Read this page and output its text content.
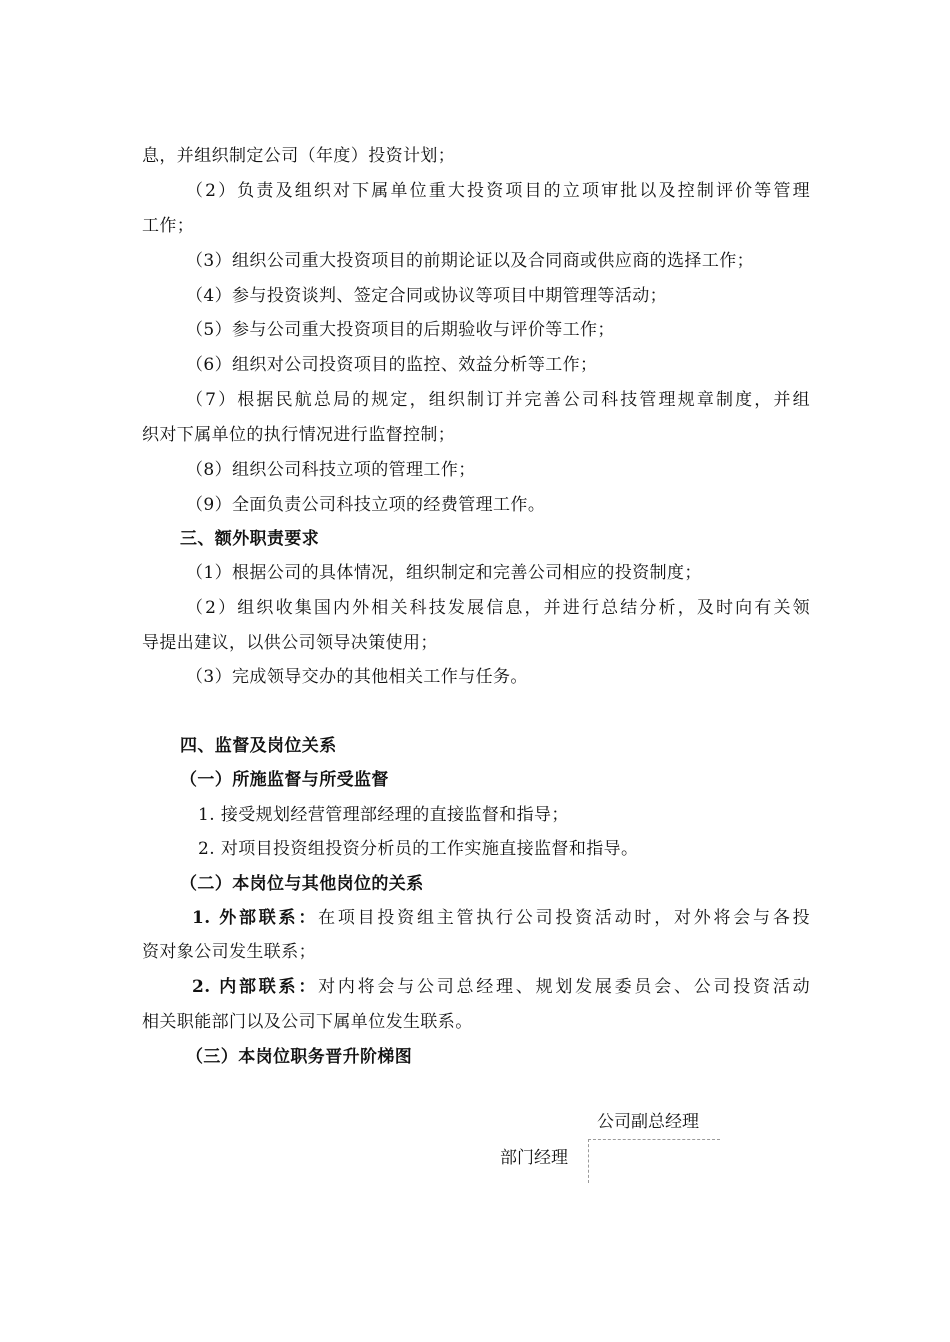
息，并组织制定公司（年度）投资计划；
（2）负责及组织对下属单位重大投资项目的立项审批以及控制评价等管理
工作；
（3）组织公司重大投资项目的前期论证以及合同商或供应商的选择工作；
（4）参与投资谈判、签定合同或协议等项目中期管理等活动；
（5）参与公司重大投资项目的后期验收与评价等工作；
（6）组织对公司投资项目的监控、效益分析等工作；
（7）根据民航总局的规定，组织制订并完善公司科技管理规章制度，并组
织对下属单位的执行情况进行监督控制；
（8）组织公司科技立项的管理工作；
（9）全面负责公司科技立项的经费管理工作。
三、额外职责要求
（1）根据公司的具体情况，组织制定和完善公司相应的投资制度；
（2）组织收集国内外相关科技发展信息，并进行总结分析，及时向有关领
导提出建议，以供公司领导决策使用；
（3）完成领导交办的其他相关工作与任务。
四、监督及岗位关系
（一）所施监督与所受监督
1. 接受规划经营管理部经理的直接监督和指导；
2. 对项目投资组投资分析员的工作实施直接监督和指导。
（二）本岗位与其他岗位的关系
1. 外部联系：在项目投资组主管执行公司投资活动时，对外将会与各投
资对象公司发生联系；
2. 内部联系：对内将会与公司总经理、规划发展委员会、公司投资活动
相关职能部门以及公司下属单位发生联系。
（三）本岗位职务晋升阶梯图
公司副总经理
部门经理
